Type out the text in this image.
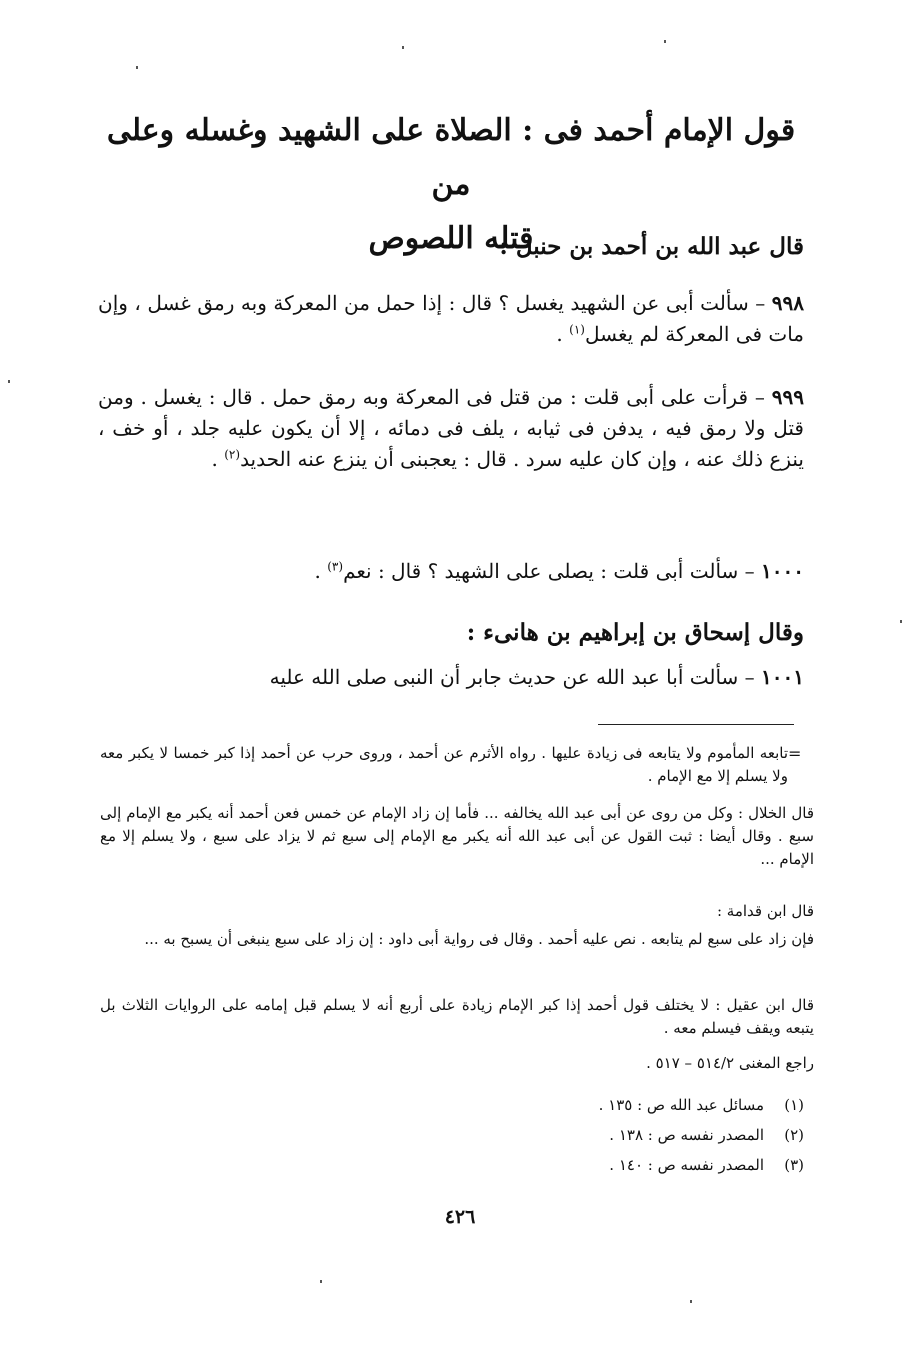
قول الإمام أحمد فى : الصلاة على الشهيد وغسله وعلى من
قتله اللصوص
قال عبد الله بن أحمد بن حنبل :
٩٩٨ – سألت أبى عن الشهيد يغسل ؟ قال : إذا حمل من المعركة وبه رمق غسل ، وإن مات فى المعركة لم يغسل$^{(١)}$ .
٩٩٩ – قرأت على أبى قلت : من قتل فى المعركة وبه رمق حمل . قال : يغسل . ومن قتل ولا رمق فيه ، يدفن فى ثيابه ، يلف فى دمائه ، إلا أن يكون عليه جلد ، أو خف ، ينزع ذلك عنه ، وإن كان عليه سرد . قال : يعجبنى أن ينزع عنه الحديد$^{(٢)}$ .
١٠٠٠ – سألت أبى قلت : يصلى على الشهيد ؟ قال : نعم$^{(٣)}$ .
وقال إسحاق بن إبراهيم بن هانىء :
١٠٠١ – سألت أبا عبد الله عن حديث جابر أن النبى صلى الله عليه
=
تابعه المأموم ولا يتابعه فى زيادة عليها . رواه الأثرم عن أحمد ، وروى حرب عن أحمد إذا كبر خمسا لا يكبر معه ولا يسلم إلا مع الإمام .
قال الخلال : وكل من روى عن أبى عبد الله يخالفه ... فأما إن زاد الإمام عن خمس فعن أحمد أنه يكبر مع الإمام إلى سبع . وقال أيضا : ثبت القول عن أبى عبد الله أنه يكبر مع الإمام إلى سبع ثم لا يزاد على سبع ، ولا يسلم إلا مع الإمام ...
قال ابن قدامة :
فإن زاد على سبع لم يتابعه . نص عليه أحمد . وقال فى رواية أبى داود : إن زاد على سبع ينبغى أن يسبح به ...
قال ابن عقيل : لا يختلف قول أحمد إذا كبر الإمام زيادة على أربع أنه لا يسلم قبل إمامه على الروايات الثلاث بل يتبعه ويقف فيسلم معه .
راجع المغنى ٥١٤/٢ – ٥١٧ .
(١)مسائل عبد الله ص : ١٣٥ .
(٢)المصدر نفسه ص : ١٣٨ .
(٣)المصدر نفسه ص : ١٤٠ .
٤٢٦
